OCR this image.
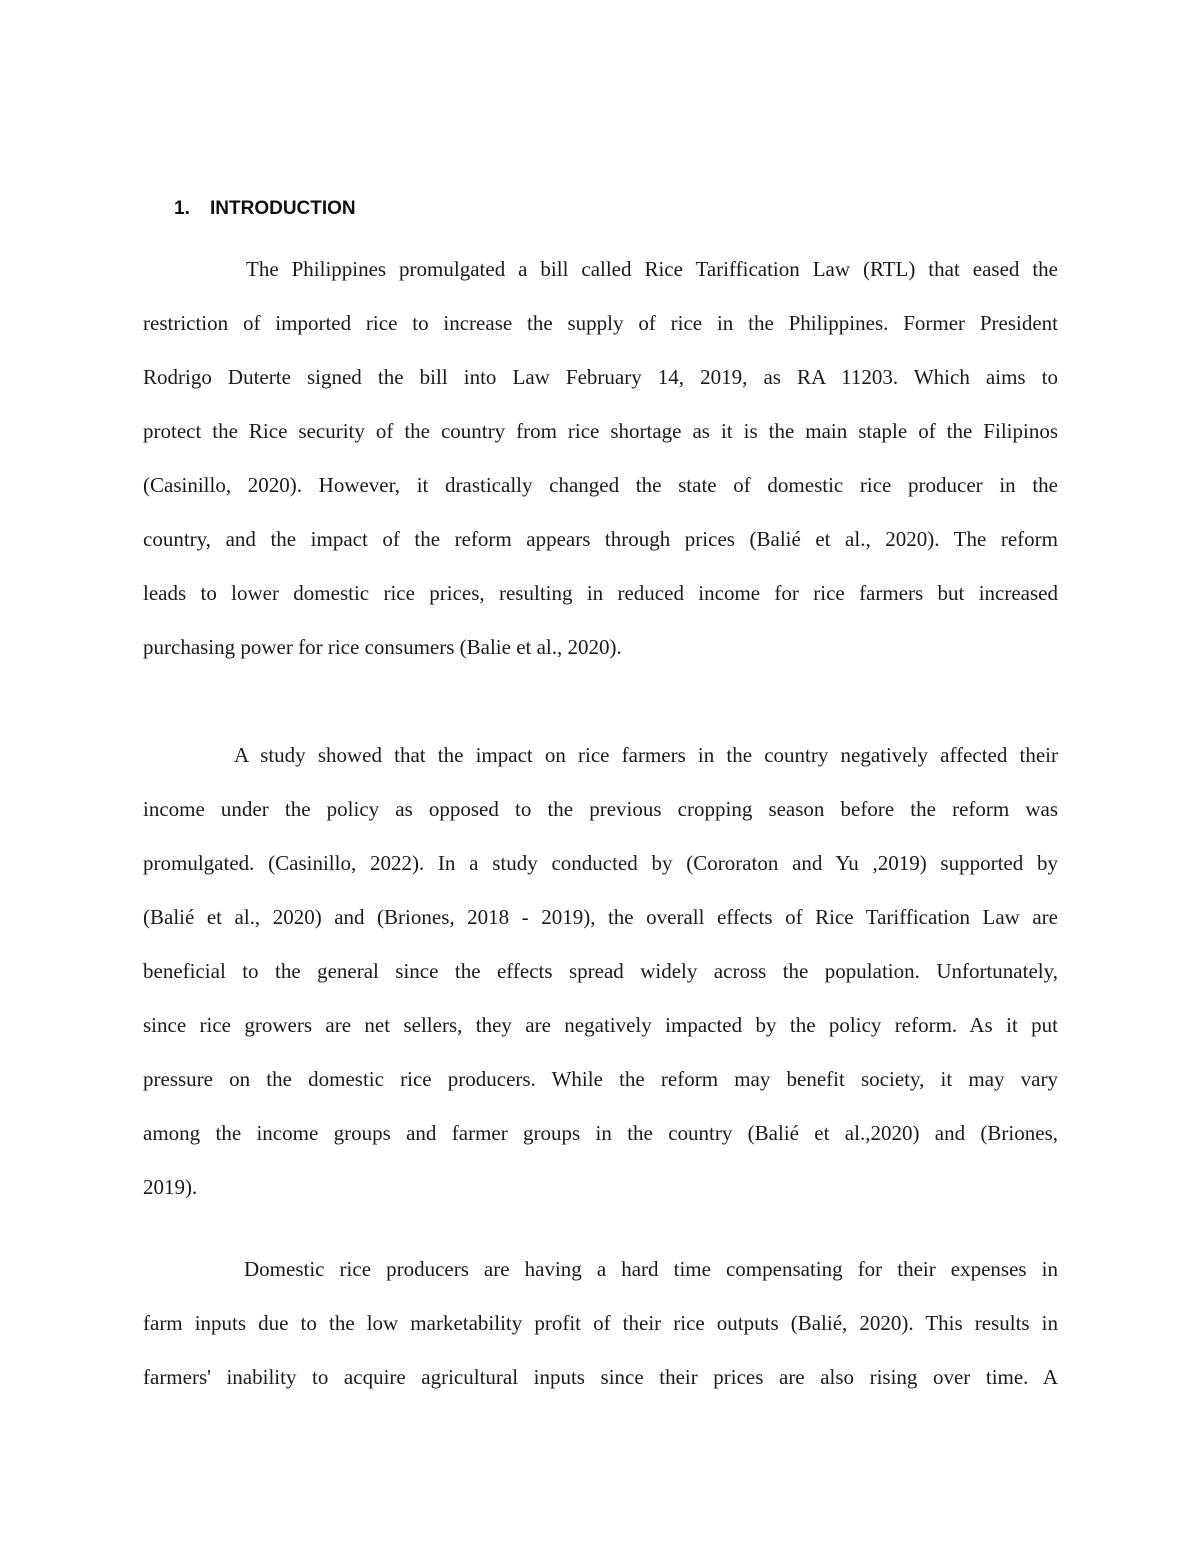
1. INTRODUCTION
The Philippines promulgated a bill called Rice Tariffication Law (RTL) that eased the
restriction of imported rice to increase the supply of rice in the Philippines. Former President
Rodrigo Duterte signed the bill into Law February 14, 2019, as RA 11203. Which aims to
protect the Rice security of the country from rice shortage as it is the main staple of the Filipinos
(Casinillo, 2020). However, it drastically changed the state of domestic rice producer in the
country, and the impact of the reform appears through prices (Balié et al., 2020). The reform
leads to lower domestic rice prices, resulting in reduced income for rice farmers but increased
purchasing power for rice consumers (Balie et al., 2020).
A study showed that the impact on rice farmers in the country negatively affected their
income under the policy as opposed to the previous cropping season before the reform was
promulgated. (Casinillo, 2022). In a study conducted by (Cororaton and Yu ,2019) supported by
(Balié et al., 2020) and (Briones, 2018 - 2019), the overall effects of Rice Tariffication Law are
beneficial to the general since the effects spread widely across the population. Unfortunately,
since rice growers are net sellers, they are negatively impacted by the policy reform. As it put
pressure on the domestic rice producers. While the reform may benefit society, it may vary
among the income groups and farmer groups in the country (Balié et al.,2020) and (Briones,
2019).
Domestic rice producers are having a hard time compensating for their expenses in
farm inputs due to the low marketability profit of their rice outputs (Balié, 2020). This results in
farmers' inability to acquire agricultural inputs since their prices are also rising over time. A
